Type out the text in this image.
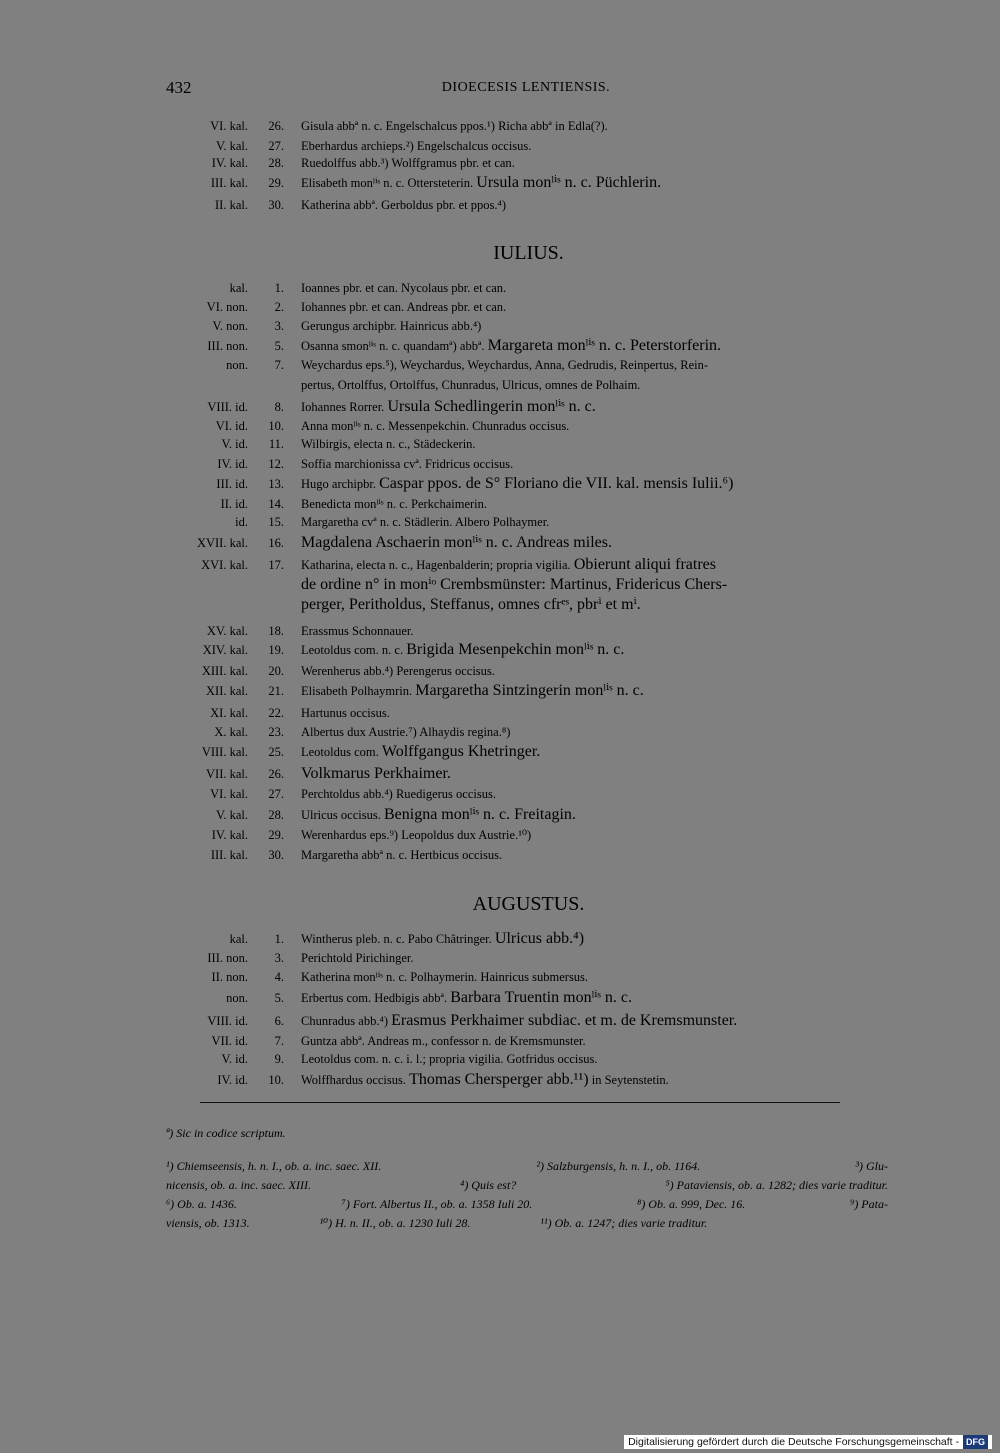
432	DIOECESIS LENTIENSIS.
VI. kal.	26. Gisula abbª n. c. Engelschalcus ppos.¹) Richa abbª in Edla(?).
V. kal.	27. Eberhardus archieps.²) Engelschalcus occisus.
IV. kal.	28. Ruedolffus abb.³) Wolffgramus pbr. et can.
III. kal.	29. Elisabeth monˡⁱˢ n. c. Ottersteterin. Ursula monˡⁱˢ n. c. Püchlerin.
II. kal.	30. Katherina abbª. Gerboldus pbr. et ppos.⁴)
IULIUS.
kal.	1. Ioannes pbr. et can. Nycolaus pbr. et can.
VI. non.	2. Iohannes pbr. et can. Andreas pbr. et can.
V. non.	3. Gerungus archipbr. Hainricus abb.⁴)
III. non.	5. Osanna smonˡⁱˢ n. c. quandamª) abbª. Margareta monˡⁱˢ n. c. Peterstorferin.
non.	7. Weychardus eps.⁵), Weychardus, Weychardus, Anna, Gedrudis, Reinpertus, Rein-
pertus, Ortolffus, Ortolffus, Chunradus, Ulricus, omnes de Polhaim.
VIII. id.	8. Iohannes Rorrer. Ursula Schedlingerin monˡⁱˢ n. c.
VI. id.	10. Anna monˡⁱˢ n. c. Messenpekchin. Chunradus occisus.
V. id.	11. Wilbirgis, electa n. c., Städeckerin.
IV. id.	12. Soffia marchionissa cvª. Fridricus occisus.
III. id.	13. Hugo archipbr. Caspar ppos. de S° Floriano die VII. kal. mensis Iulii.⁶)
II. id.	14. Benedicta monˡⁱˢ n. c. Perkchaimerin.
id.	15. Margaretha cvª n. c. Städlerin. Albero Polhaymer.
XVII. kal.	16. Magdalena Aschaerin monˡⁱˢ n. c. Andreas miles.
XVI. kal.	17. Katharina, electa n. c., Hagenbalderin; propria vigilia. Obierunt aliqui fratres
de ordine n° in monⁱᵒ Crembsmünster: Martinus, Fridericus Chers-
perger, Peritholdus, Steffanus, omnes cfrᵉˢ, pbrⁱ et mⁱ.
XV. kal.	18. Erassmus Schonnauer.
XIV. kal.	19. Leotoldus com. n. c. Brigida Mesenpekchin monˡⁱˢ n. c.
XIII. kal.	20. Werenherus abb.⁴) Perengerus occisus.
XII. kal.	21. Elisabeth Polhaymrin. Margaretha Sintzingerin monˡⁱˢ n. c.
XI. kal.	22. Hartunus occisus.
X. kal.	23. Albertus dux Austrie.⁷) Alhaydis regina.⁸)
VIII. kal.	25. Leotoldus com. Wolffgangus Khetringer.
VII. kal.	26. Volkmarus Perkhaimer.
VI. kal.	27. Perchtoldus abb.⁴) Ruedigerus occisus.
V. kal.	28. Ulricus occisus. Benigna monˡⁱˢ n. c. Freitagin.
IV. kal.	29. Werenhardus eps.⁹) Leopoldus dux Austrie.¹⁰)
III. kal.	30. Margaretha abbª n. c. Hertbicus occisus.
AUGUSTUS.
kal.	1. Wintherus pleb. n. c. Pabo Châtringer. Ulricus abb.⁴)
III. non.	3. Perichtold Pirichinger.
II. non.	4. Katherina monˡⁱˢ n. c. Polhaymerin. Hainricus submersus.
non.	5. Erbertus com. Hedbigis abbª. Barbara Truentin monˡⁱˢ n. c.
VIII. id.	6. Chunradus abb.⁴) Erasmus Perkhaimer subdiac. et m. de Kremsmunster.
VII. id.	7. Guntza abbª. Andreas m., confessor n. de Kremsmunster.
V. id.	9. Leotoldus com. n. c. i. l.; propria vigilia. Gotfridus occisus.
IV. id.	10. Wolffhardus occisus. Thomas Chersperger abb.¹¹) in Seytenstetin.
ª) Sic in codice scriptum.
¹) Chiemseensis, h. n. I., ob. a. inc. saec. XII.	²) Salzburgensis, h. n. I., ob. 1164.	³) Glu-
nicensis, ob. a. inc. saec. XIII.	⁴) Quis est?	⁵) Pataviensis, ob. a. 1282; dies varie traditur.
⁶) Ob. a. 1436.	⁷) Fort. Albertus II., ob. a. 1358 Iuli 20.	⁸) Ob. a. 999, Dec. 16.	⁹) Pata-
viensis, ob. 1313.	¹⁰) H. n. II., ob. a. 1230 Iuli 28.	¹¹) Ob. a. 1247; dies varie traditur.
Digitalisierung gefördert durch die Deutsche Forschungsgemeinschaft - DFG
